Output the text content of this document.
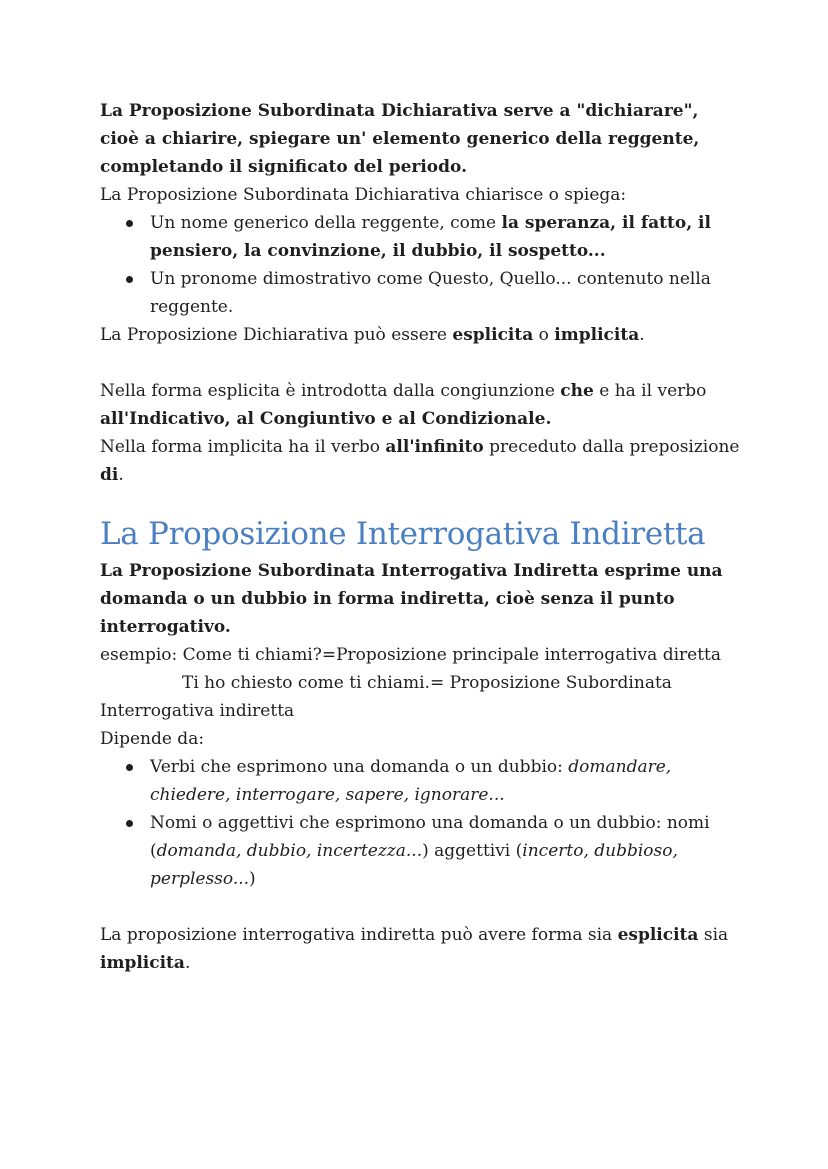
La Proposizione Subordinata Dichiarativa serve a "dichiarare", cioè a chiarire, spiegare un' elemento generico della reggente, completando il significato del periodo.

La Proposizione Subordinata Dichiarativa chiarisce o spiega:

Un nome generico della reggente, come la speranza, il fatto, il pensiero, la convinzione, il dubbio, il sospetto...
Un pronome dimostrativo come Questo, Quello... contenuto nella reggente.

La Proposizione Dichiarativa può essere esplicita o implicita.

Nella forma esplicita è introdotta dalla congiunzione che e ha il verbo all'Indicativo, al Congiuntivo e al Condizionale.

Nella forma implicita ha il verbo all'infinito preceduto dalla preposizione di.

La Proposizione Interrogativa Indiretta

La Proposizione Subordinata Interrogativa Indiretta esprime una domanda o un dubbio in forma indiretta, cioè senza il punto interrogativo.

esempio: Come ti chiami?=Proposizione principale interrogativa diretta

Ti ho chiesto come ti chiami.= Proposizione Subordinata

Interrogativa indiretta

Dipende da:

Verbi che esprimono una domanda o un dubbio: domandare, chiedere, interrogare, sapere, ignorare...
Nomi o aggettivi che esprimono una domanda o un dubbio: nomi (domanda, dubbio, incertezza...) aggettivi (incerto, dubbioso, perplesso...)

La proposizione interrogativa indiretta può avere forma sia esplicita sia implicita.
